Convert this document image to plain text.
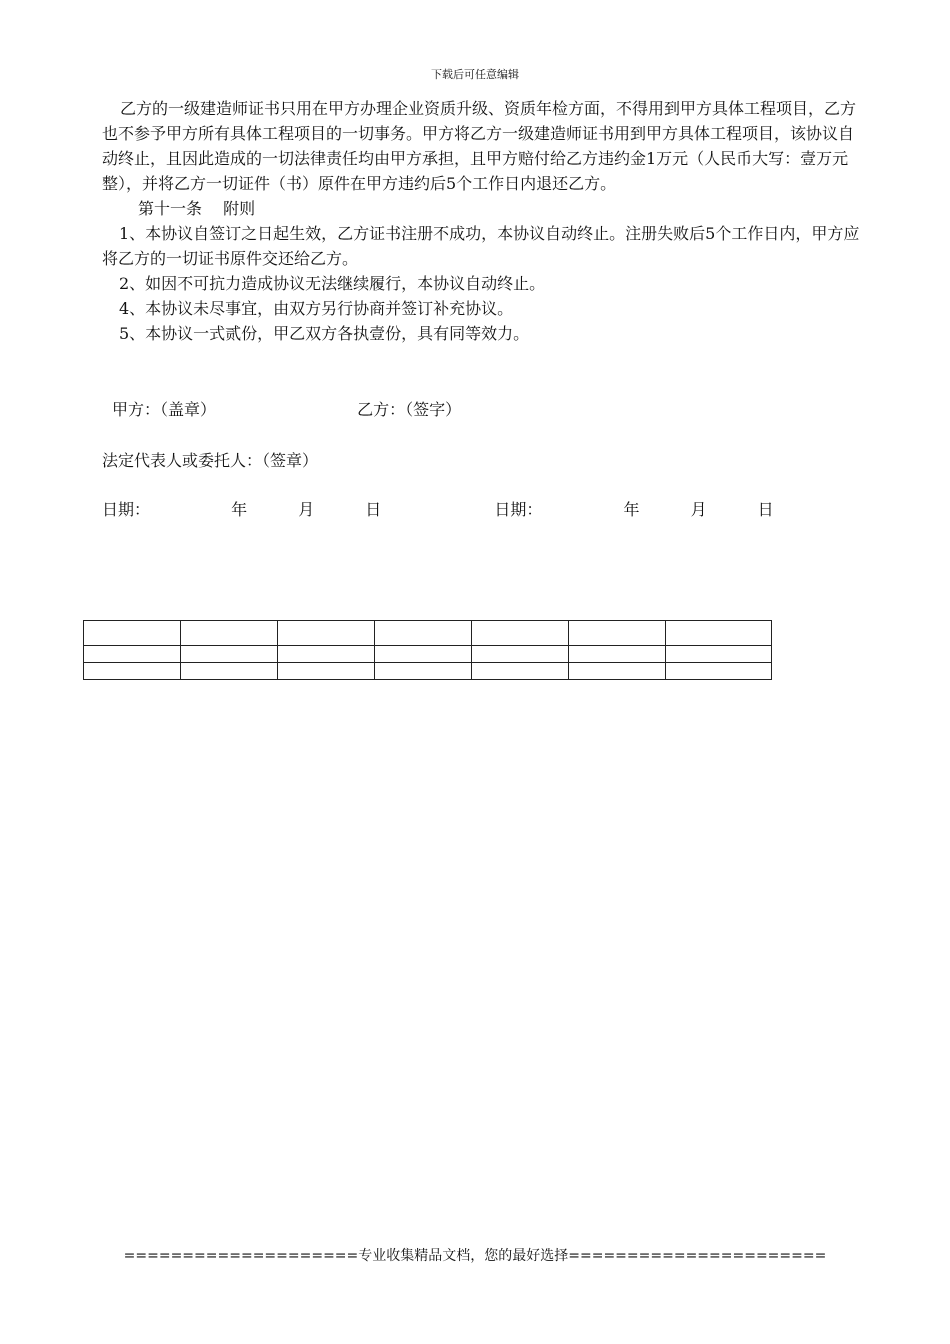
下载后可任意编辑

乙方的一级建造师证书只用在甲方办理企业资质升级、资质年检方面，不得用到甲方具体工程项目，乙方也不参予甲方所有具体工程项目的一切事务。甲方将乙方一级建造师证书用到甲方具体工程项目，该协议自动终止，且因此造成的一切法律责任均由甲方承担，且甲方赔付给乙方违约金1万元（人民币大写：壹万元整），并将乙方一切证件（书）原件在甲方违约后5个工作日内退还乙方。

第十一条　 附则

1、本协议自签订之日起生效，乙方证书注册不成功，本协议自动终止。注册失败后5个工作日内，甲方应将乙方的一切证书原件交还给乙方。

2、如因不可抗力造成协议无法继续履行，本协议自动终止。

4、本协议未尽事宜，由双方另行协商并签订补充协议。

5、本协议一式贰份，甲乙双方各执壹份，具有同等效力。

甲方：（盖章）	乙方：（签字）
法定代表人或委托人：（签章）
日期：	年	月	日	日期：	年	月	日

====================专业收集精品文档，您的最好选择======================
